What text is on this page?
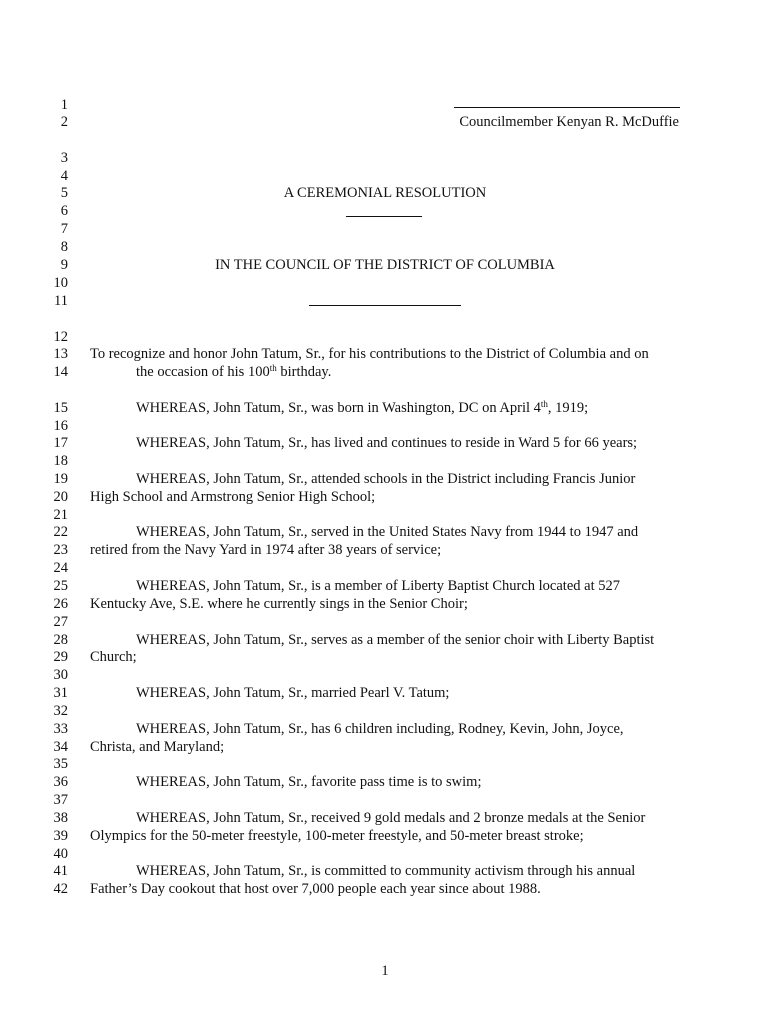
1
2
3
4
5
6
7
8
9
10
11
12
13
14
15
16
17
18
19
20
21
22
23
24
25
26
27
28
29
30
31
32
33
34
35
36
37
38
39
40
41
42
Councilmember Kenyan R. McDuffie
A CEREMONIAL RESOLUTION
IN THE COUNCIL OF THE DISTRICT OF COLUMBIA
To recognize and honor John Tatum, Sr., for his contributions to the District of Columbia and on
the occasion of his 100th birthday.
WHEREAS, John Tatum, Sr., was born in Washington, DC on April 4th, 1919;
WHEREAS, John Tatum, Sr., has lived and continues to reside in Ward 5 for 66 years;
WHEREAS, John Tatum, Sr., attended schools in the District including Francis Junior
High School and Armstrong Senior High School;
WHEREAS, John Tatum, Sr., served in the United States Navy from 1944 to 1947 and
retired from the Navy Yard in 1974 after 38 years of service;
WHEREAS, John Tatum, Sr., is a member of Liberty Baptist Church located at 527
Kentucky Ave, S.E. where he currently sings in the Senior Choir;
WHEREAS, John Tatum, Sr., serves as a member of the senior choir with Liberty Baptist
Church;
WHEREAS, John Tatum, Sr., married Pearl V. Tatum;
WHEREAS, John Tatum, Sr., has 6 children including, Rodney, Kevin, John, Joyce,
Christa, and Maryland;
WHEREAS, John Tatum, Sr., favorite pass time is to swim;
WHEREAS, John Tatum, Sr., received 9 gold medals and 2 bronze medals at the Senior
Olympics for the 50-meter freestyle, 100-meter freestyle, and 50-meter breast stroke;
WHEREAS, John Tatum, Sr., is committed to community activism through his annual
Father’s Day cookout that host over 7,000 people each year since about 1988.
1
